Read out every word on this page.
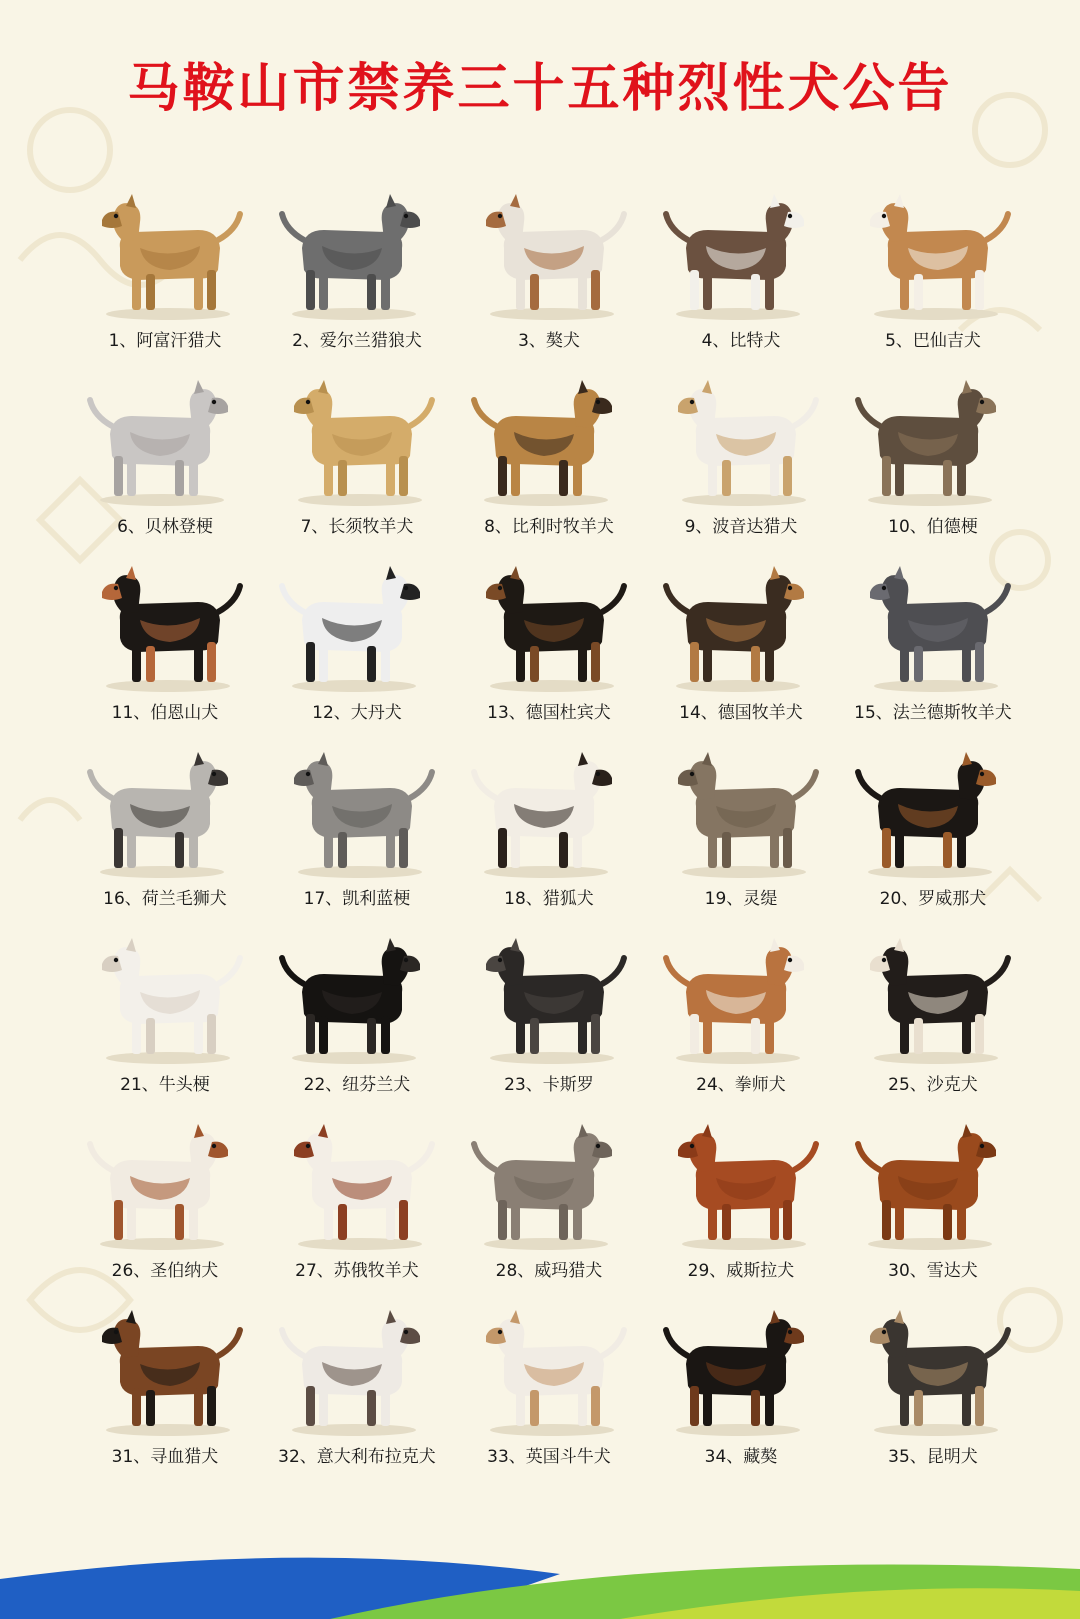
马鞍山市禁养三十五种烈性犬公告
1、阿富汗猎犬	2、爱尔兰猎狼犬	3、獒犬	4、比特犬	5、巴仙吉犬
6、贝林登梗	7、长须牧羊犬	8、比利时牧羊犬	9、波音达猎犬	10、伯德梗
11、伯恩山犬	12、大丹犬	13、德国杜宾犬	14、德国牧羊犬	15、法兰德斯牧羊犬
16、荷兰毛狮犬	17、凯利蓝梗	18、猎狐犬	19、灵缇	20、罗威那犬
21、牛头梗	22、纽芬兰犬	23、卡斯罗	24、拳师犬	25、沙克犬
26、圣伯纳犬	27、苏俄牧羊犬	28、威玛猎犬	29、威斯拉犬	30、雪达犬
31、寻血猎犬	32、意大利布拉克犬	33、英国斗牛犬	34、藏獒	35、昆明犬
